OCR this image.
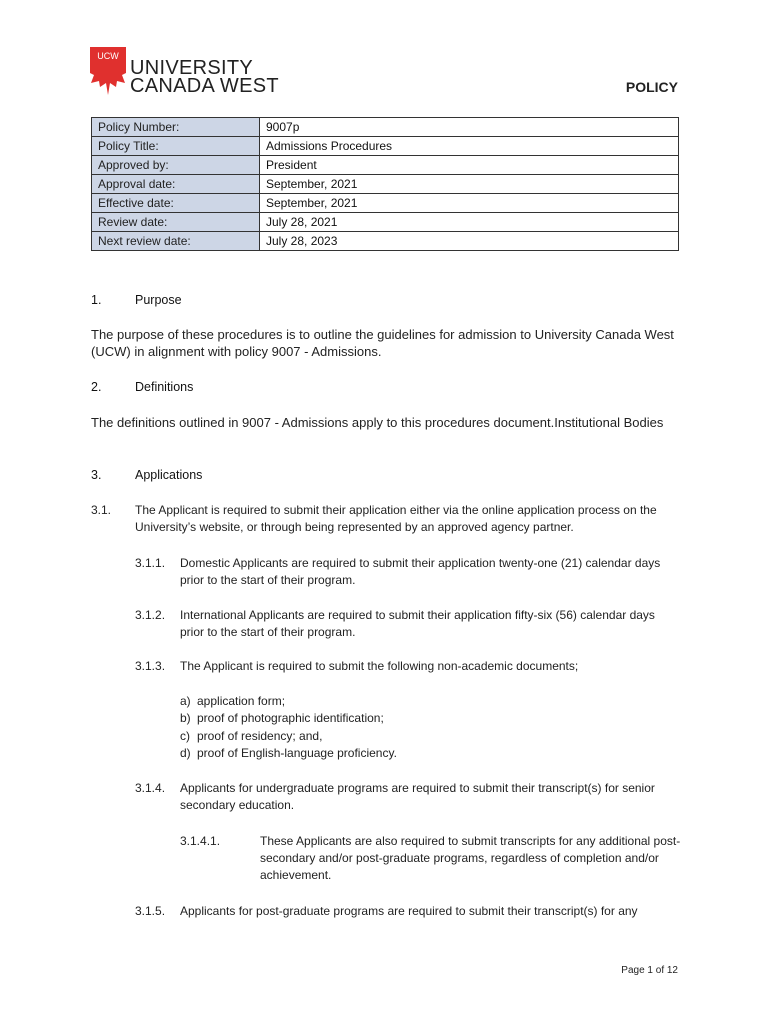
UCW
UNIVERSITY
CANADA WEST	POLICY
Policy Number:	9007p
Policy Title:	Admissions Procedures
Approved by:	President
Approval date:	September, 2021
Effective date:	September, 2021
Review date:	July 28, 2021
Next review date:	July 28, 2023
1.	Purpose
The purpose of these procedures is to outline the guidelines for admission to University Canada West (UCW) in alignment with policy 9007 - Admissions.
2.	Definitions
The definitions outlined in 9007 - Admissions apply to this procedures document.Institutional Bodies
3.	Applications
3.1. The Applicant is required to submit their application either via the online application process on the University’s website, or through being represented by an approved agency partner.
3.1.1. Domestic Applicants are required to submit their application twenty-one (21) calendar days prior to the start of their program.
3.1.2. International Applicants are required to submit their application fifty-six (56) calendar days prior to the start of their program.
3.1.3. The Applicant is required to submit the following non-academic documents;
a) application form;
b) proof of photographic identification;
c) proof of residency; and,
d) proof of English-language proficiency.
3.1.4. Applicants for undergraduate programs are required to submit their transcript(s) for senior secondary education.
3.1.4.1.	These Applicants are also required to submit transcripts for any additional post-secondary and/or post-graduate programs, regardless of completion and/or achievement.
3.1.5. Applicants for post-graduate programs are required to submit their transcript(s) for any
Page 1 of 12
